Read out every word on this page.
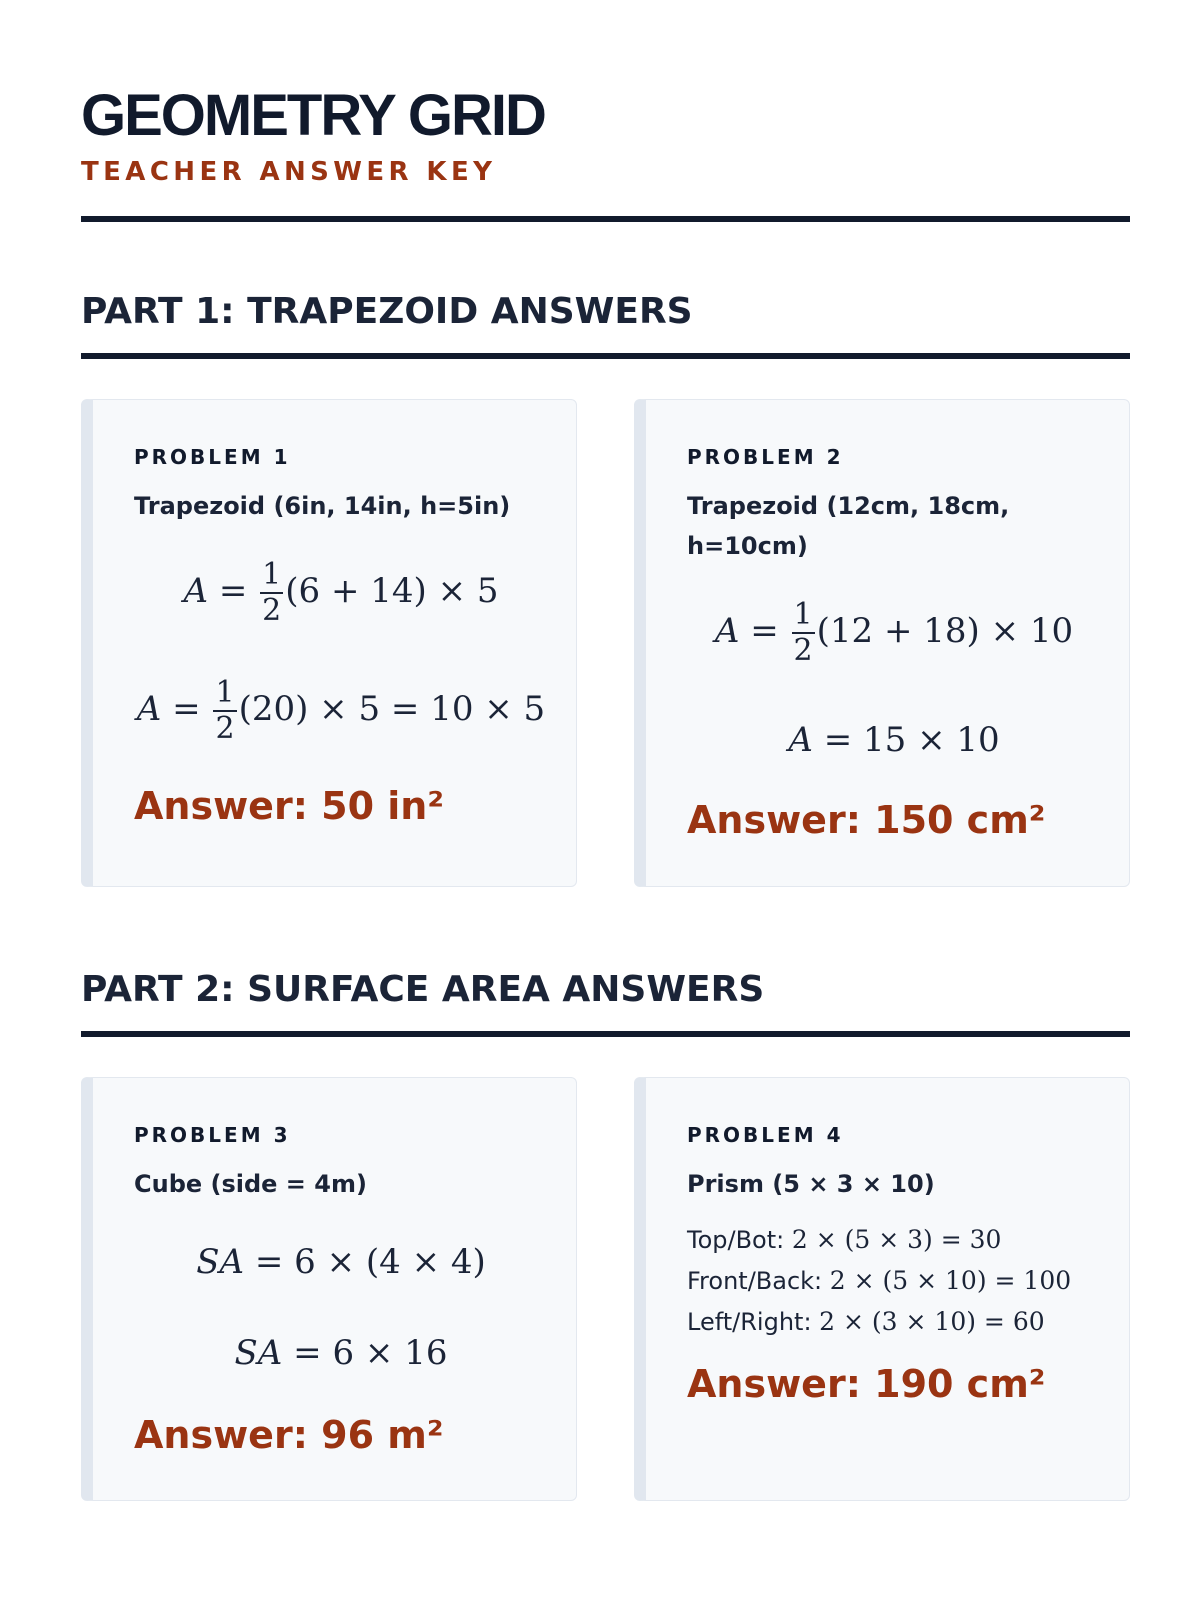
GEOMETRY GRID
TEACHER ANSWER KEY
PART 1: TRAPEZOID ANSWERS
PROBLEM 1
Trapezoid (6in, 14in, h=5in)
$A = \frac{1}{2} (6 + 14) \times 5$
$A = \frac{1}{2} (20) \times 5 = 10 \times 5$
Answer: 50 in²
PROBLEM 2
Trapezoid (12cm, 18cm, h=10cm)
$A = \frac{1}{2} (12 + 18) \times 10$
A = 15 × 10
Answer: 150 cm²
PART 2: SURFACE AREA ANSWERS
PROBLEM 3
Cube (side = 4m)
SA = 6 × (4 × 4)
SA = 6 × 16
Answer: 96 m²
PROBLEM 4
Prism (5 × 3 × 10)
Top/Bot: 2 × (5 × 3) = 30
Front/Back: 2 × (5 × 10) = 100
Left/Right: 2 × (3 × 10) = 60
Answer: 190 cm²
